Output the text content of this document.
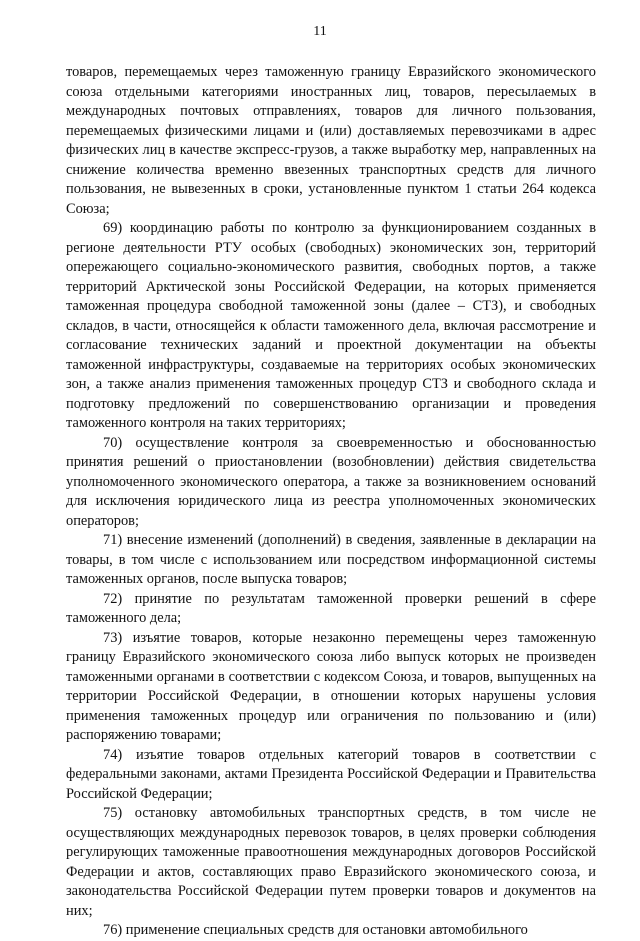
11

товаров, перемещаемых через таможенную границу Евразийского экономического союза отдельными категориями иностранных лиц, товаров, пересылаемых в международных почтовых отправлениях, товаров для личного пользования, перемещаемых физическими лицами и (или) доставляемых перевозчиками в адрес физических лиц в качестве экспресс-грузов, а также выработку мер, направленных на снижение количества временно ввезенных транспортных средств для личного пользования, не вывезенных в сроки, установленные пунктом 1 статьи 264 кодекса Союза;

69) координацию работы по контролю за функционированием созданных в регионе деятельности РТУ особых (свободных) экономических зон, территорий опережающего социально-экономического развития, свободных портов, а также территорий Арктической зоны Российской Федерации, на которых применяется таможенная процедура свободной таможенной зоны (далее – СТЗ), и свободных складов, в части, относящейся к области таможенного дела, включая рассмотрение и согласование технических заданий и проектной документации на объекты таможенной инфраструктуры, создаваемые на территориях особых экономических зон, а также анализ применения таможенных процедур СТЗ и свободного склада и подготовку предложений по совершенствованию организации и проведения таможенного контроля на таких территориях;

70) осуществление контроля за своевременностью и обоснованностью принятия решений о приостановлении (возобновлении) действия свидетельства уполномоченного экономического оператора, а также за возникновением оснований для исключения юридического лица из реестра уполномоченных экономических операторов;

71) внесение изменений (дополнений) в сведения, заявленные в декларации на товары, в том числе с использованием или посредством информационной системы таможенных органов, после выпуска товаров;

72) принятие по результатам таможенной проверки решений в сфере таможенного дела;

73) изъятие товаров, которые незаконно перемещены через таможенную границу Евразийского экономического союза либо выпуск которых не произведен таможенными органами в соответствии с кодексом Союза, и товаров, выпущенных на территории Российской Федерации, в отношении которых нарушены условия применения таможенных процедур или ограничения по пользованию и (или) распоряжению товарами;

74) изъятие товаров отдельных категорий товаров в соответствии с федеральными законами, актами Президента Российской Федерации и Правительства Российской Федерации;

75) остановку автомобильных транспортных средств, в том числе не осуществляющих международных перевозок товаров, в целях проверки соблюдения регулирующих таможенные правоотношения международных договоров Российской Федерации и актов, составляющих право Евразийского экономического союза, и законодательства Российской Федерации путем проверки товаров и документов на них;

76) применение специальных средств для остановки автомобильного
